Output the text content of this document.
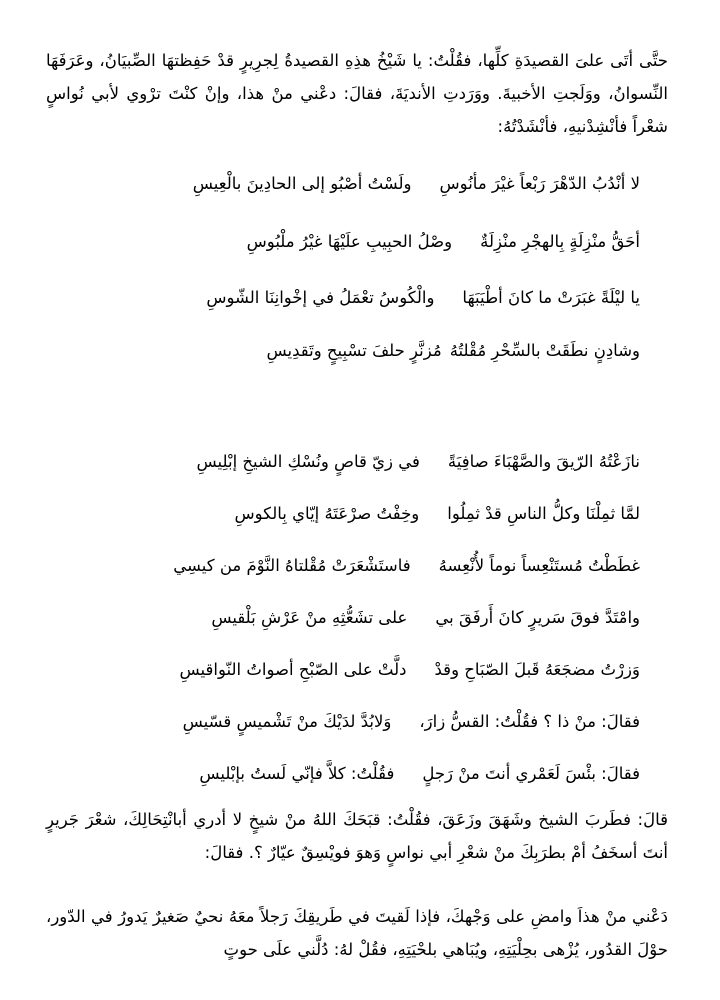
حتَّى أتَى علىَ القصيدَةِ كلِّها، فقُلْتُ: يا شَيْخُ هذِهِ القصيدةُ لِجرِيرٍ قدْ حَفِظتهَا الصِّبيَانُ، وعَرَفَهَا النِّسوانُ، ووَلَجتِ الأخبيةَ. ووَرَدتِ الأنديَةَ، فقالَ: دعْني منْ هذا، وإنْ كنْتَ ترْوي لأبي نُواسٍ شعْراً فأنْشِدْنيهِ، فأنْشَدْتُهُ:

لا أنْدُبُ الدّهْرَ رَبْعاً غيْرَ مأنُوسِولَسْتُ أصْبُو إلى الحادِينَ بالْعِيسِ
أحَقُّ منْزِلَةٍ بِالهجْرِ منْزِلَةٌوصْلُ الحبِيبِ علَيْهَا غيْرُ ملْبُوسِ
يا ليْلَةً غبَرَتْ ما كانَ أطْيَبَهَاوالْكُوسُ تعْمَلُ في إخْوانِنَا الشّوسِ
وشادِنٍ نطَقَتْ بالسِّحْرِ مُقْلتُهُمُزنَّرٍ حلفَ تسْبِيحٍ وتَقدِيسِ
نازَعْتُهُ الرّيقَ والصَّهْبَاءَ صافِيَةًفي زيّ قاصٍ ونُسْكِ الشيخِ إبْلِيسِ
لمَّا ثمِلْنَا وكلُّ الناسِ قدْ ثمِلُواوخِفْتُ صرْعَتَهُ إيّاي بِالكوسِ
غطَطْتُ مُستَنْعِساً نوماً لأُنْعِسهُفاستَشْعَرَتْ مُقْلتاهُ النَّوْمَ من كيسِي
وامْتَدَّ فوقَ سَريرٍ كانَ أَرفَقَ بيعلى تشَعُّثِهِ منْ عَرْشِ بَلْقيسِ
وَزرْتُ مضجَعَهُ قَبلَ الصّبَاحِ وقدْدلَّتْ على الصّبْحِ أصواتُ النّواقيسِ
فقالَ: منْ ذا ؟ فقُلْتُ: القسُّ زارَ،وَلابُدَّ لدَيْكَ منْ تَشْميسٍ قسّيسِ
فقالَ: بئْسَ لَعَمْري أنتَ منْ رَجلٍفقُلْتُ: كلاَّ فإنّي لَستُ بإبْليسِ

قالَ: فطَربَ الشيخ وشَهَقَ وزَعَقَ، فقُلْتُ: قبَحَكَ اللهُ منْ شيخٍ لا أدري أبانْتِحَالِكَ، شعْرَ جَريرٍ أنتَ أسخَفُ أمْ بطرَبِكَ منْ شعْرِ أبي نواسٍ وَهوَ فويْسِقٌ عيّارٌ ؟. فقالَ:

دَعْني منْ هذاَ وامضِ على وَجْهكَ، فإذا لَقيتَ في طَريقِكَ رَجلاً معَهُ نحيٌ صَغيرٌ يَدورُ في الدّور، حوْلَ القدُور، يُزْهى بحِلْيَتِهِ، ويُبَاهي بلحْيَتِهِ، فقُلْ لهُ: دُلَّني علَى حوتٍ
